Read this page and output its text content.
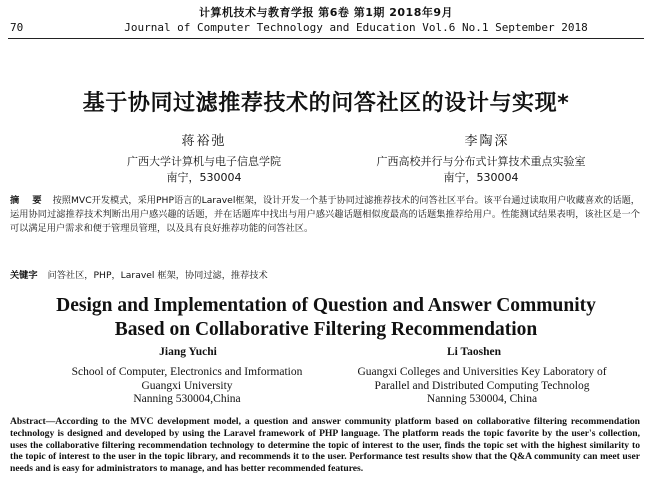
计算机技术与教育学报 第6卷 第1期 2018年9月
70	Journal of Computer Technology and Education Vol.6 No.1 September 2018
基于协同过滤推荐技术的问答社区的设计与实现*
蒋裕弛	李陶深
广西大学计算机与电子信息学院
南宁，530004
广西高校并行与分布式计算技术重点实验室
南宁，530004
摘 要 按照MVC开发模式，采用PHP语言的Laravel框架，设计开发一个基于协同过滤推荐技术的问答社区平台。该平台通过读取用户收藏喜欢的话题，运用协同过滤推荐技术判断出用户感兴趣的话题，并在话题库中找出与用户感兴趣话题相似度最高的话题集推荐给用户。性能测试结果表明，该社区是一个可以满足用户需求和便于管理员管理，以及具有良好推荐功能的问答社区。
关键字 问答社区，PHP，Laravel 框架，协同过滤，推荐技术
Design and Implementation of Question and Answer Community
Based on Collaborative Filtering Recommendation
Jiang Yuchi	Li Taoshen
School of Computer, Electronics and Imformation
Guangxi University
Nanning 530004,China
Guangxi Colleges and Universities Key Laboratory of
Parallel and Distributed Computing Technolog
Nanning 530004, China
Abstract—According to the MVC development model, a question and answer community platform based on collaborative filtering recommendation technology is designed and developed by using the Laravel framework of PHP language. The platform reads the topic favorite by the user's collection, uses the collaborative filtering recommendation technology to determine the topic of interest to the user, finds the topic set with the highest similarity to the topic of interest to the user in the topic library, and recommends it to the user. Performance test results show that the Q&A community can meet user needs and is easy for administrators to manage, and has better recommended features.
